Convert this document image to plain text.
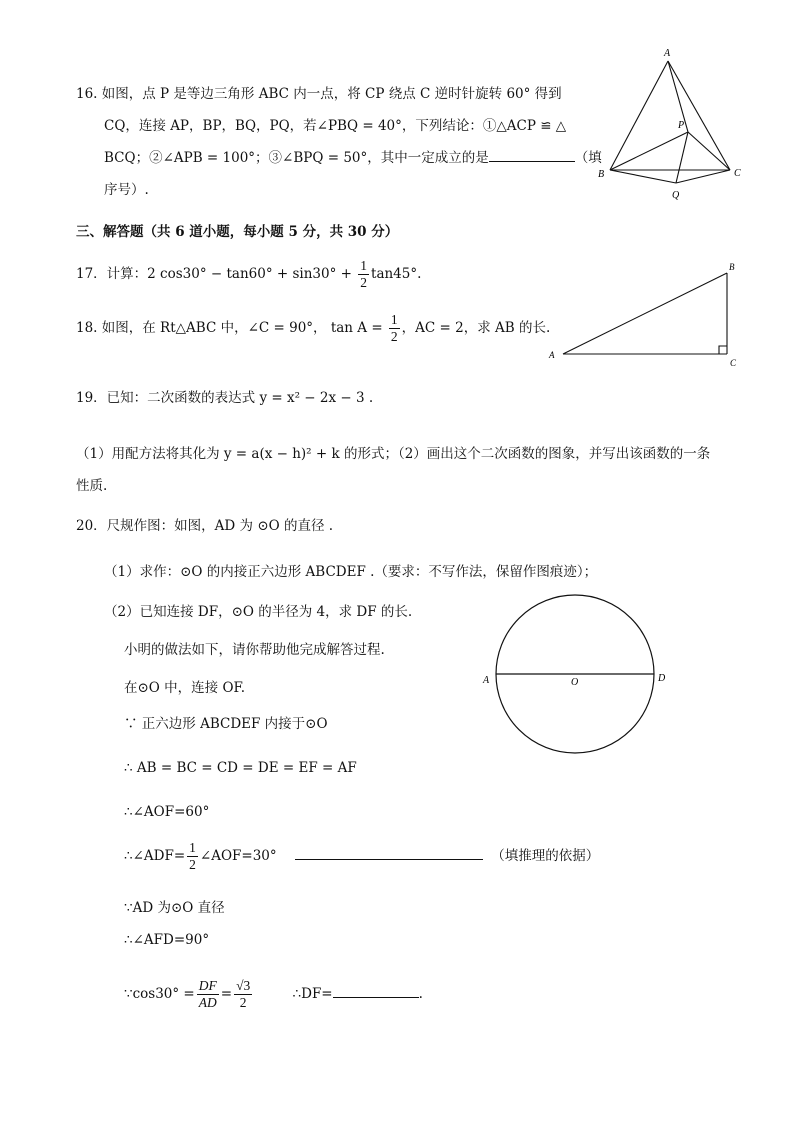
16. 如图，点 P 是等边三角形 ABC 内一点，将 CP 绕点 C 逆时针旋转 60° 得到
CQ，连接 AP，BP，BQ，PQ，若∠PBQ = 40°，下列结论：①△ACP ≌ △
BCQ；②∠APB = 100°；③∠BPQ = 50°，其中一定成立的是	（填
序号）.
A
B	C
P
Q
三、解答题（共 6 道小题，每小题 5 分，共 30 分）
17．计算：2 $\cos 30^\circ - \tan 60^\circ + \sin 30^\circ + \frac{1}{2} \tan 45^\circ$.
18. 如图，在 Rt△ABC 中，∠C = 90°， $\tan A = \frac{1}{2}$ ，AC = 2，求 AB 的长.
A
B
C
19．已知：二次函数的表达式 y = x² − 2x − 3 .
（1）用配方法将其化为 y = a(x − h)² + k 的形式；（2）画出这个二次函数的图象，并写出该函数的一条
性质.
20．尺规作图：如图，AD 为 ⊙O 的直径 .
（1）求作：⊙O 的内接正六边形 ABCDEF .（要求：不写作法，保留作图痕迹）；
（2）已知连接 DF，⊙O 的半径为 4，求 DF 的长.
小明的做法如下，请你帮助他完成解答过程.
在⊙O 中，连接 OF.
∵ 正六边形 ABCDEF 内接于⊙O
∴ AB = BC = CD = DE = EF = AF
∴∠AOF=60°
∴∠ADF= $\frac{1}{2}$ ∠AOF=30°	（填推理的依据）
∵AD 为⊙O 直径
∴∠AFD=90°
∵cos30° = $\frac{DF}{AD} = \frac{√3}{2}$	∴DF=	.
A	O	D
